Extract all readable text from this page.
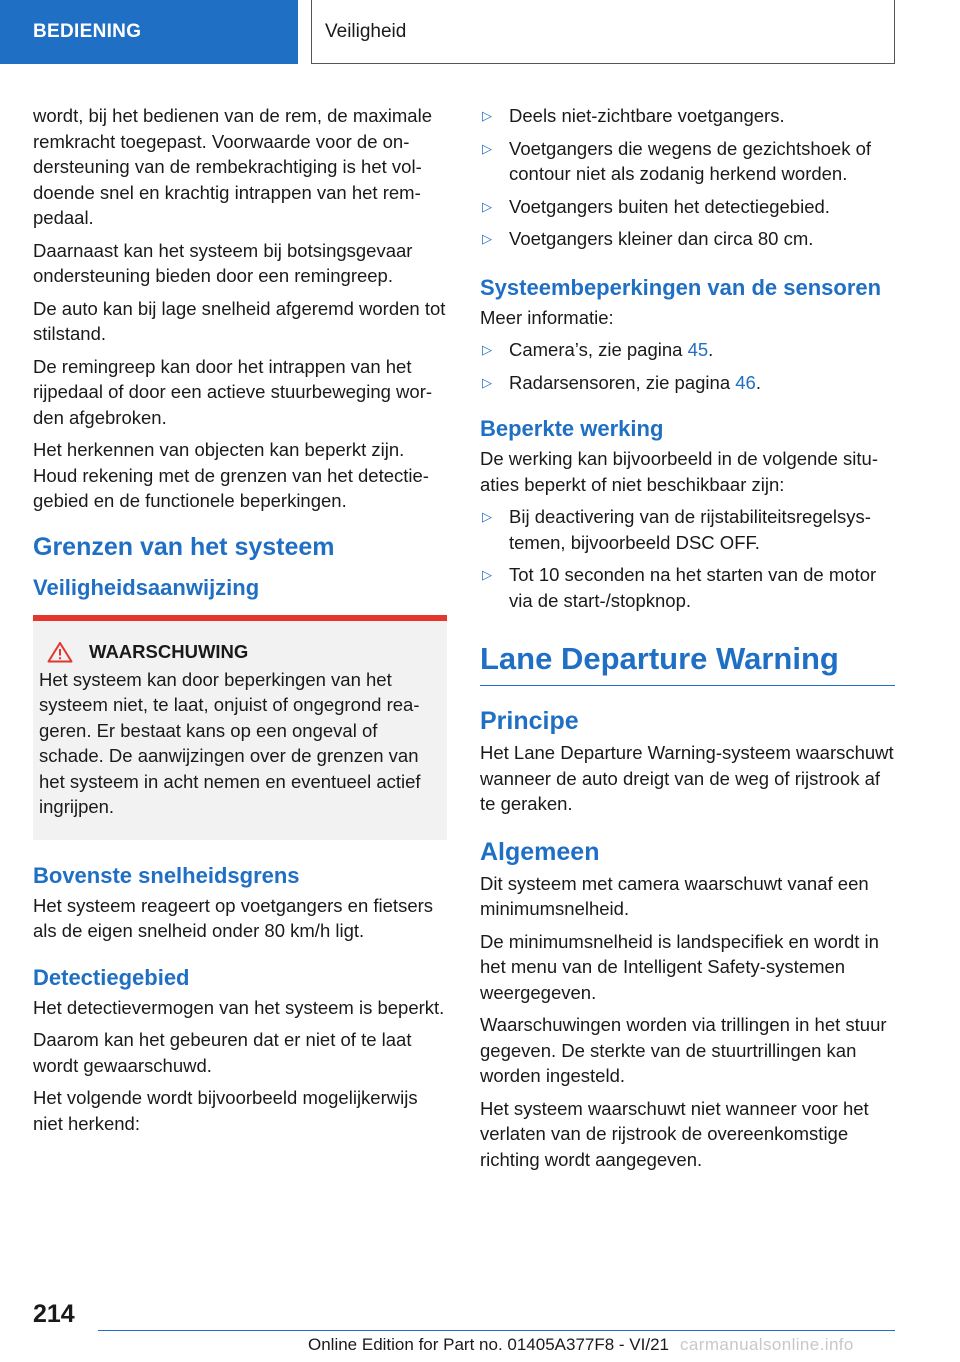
BEDIENING	Veiligheid

wordt, bij het bedienen van de rem, de maximale remkracht toegepast. Voorwaarde voor de ondersteuning van de rembekrachtiging is het voldoende snel en krachtig intrappen van het rempedaal.

Daarnaast kan het systeem bij botsingsgevaar ondersteuning bieden door een remingreep.

De auto kan bij lage snelheid afgeremd worden tot stilstand.

De remingreep kan door het intrappen van het rijpedaal of door een actieve stuurbeweging worden afgebroken.

Het herkennen van objecten kan beperkt zijn. Houd rekening met de grenzen van het detectiegebied en de functionele beperkingen.

Grenzen van het systeem
Veiligheidsaanwijzing
WAARSCHUWING

Het systeem kan door beperkingen van het systeem niet, te laat, onjuist of ongegrond reageren. Er bestaat kans op een ongeval of schade. De aanwijzingen over de grenzen van het systeem in acht nemen en eventueel actief ingrijpen.

Bovenste snelheidsgrens

Het systeem reageert op voetgangers en fietsers als de eigen snelheid onder 80 km/h ligt.

Detectiegebied

Het detectievermogen van het systeem is beperkt.

Daarom kan het gebeuren dat er niet of te laat wordt gewaarschuwd.

Het volgende wordt bijvoorbeeld mogelijkerwijs niet herkend:

▷ Deels niet-zichtbare voetgangers.
▷ Voetgangers die wegens de gezichtshoek of contour niet als zodanig herkend worden.
▷ Voetgangers buiten het detectiegebied.
▷ Voetgangers kleiner dan circa 80 cm.
Systeembeperkingen van de sensoren

Meer informatie:

▷ Camera’s, zie pagina 45.
▷ Radarsensoren, zie pagina 46.
Beperkte werking

De werking kan bijvoorbeeld in de volgende situaties beperkt of niet beschikbaar zijn:

▷ Bij deactivering van de rijstabiliteitsregelsystemen, bijvoorbeeld DSC OFF.
▷ Tot 10 seconden na het starten van de motor via de start-/stopknop.
Lane Departure Warning
Principe

Het Lane Departure Warning-systeem waarschuwt wanneer de auto dreigt van de weg of rijstrook af te geraken.

Algemeen

Dit systeem met camera waarschuwt vanaf een minimumsnelheid.

De minimumsnelheid is landspecifiek en wordt in het menu van de Intelligent Safety-systemen weergegeven.

Waarschuwingen worden via trillingen in het stuur gegeven. De sterkte van de stuurtrillingen kan worden ingesteld.

Het systeem waarschuwt niet wanneer voor het verlaten van de rijstrook de overeenkomstige richting wordt aangegeven.

214
Online Edition for Part no. 01405A377F8 - VI/21 carmanualsonline.info
